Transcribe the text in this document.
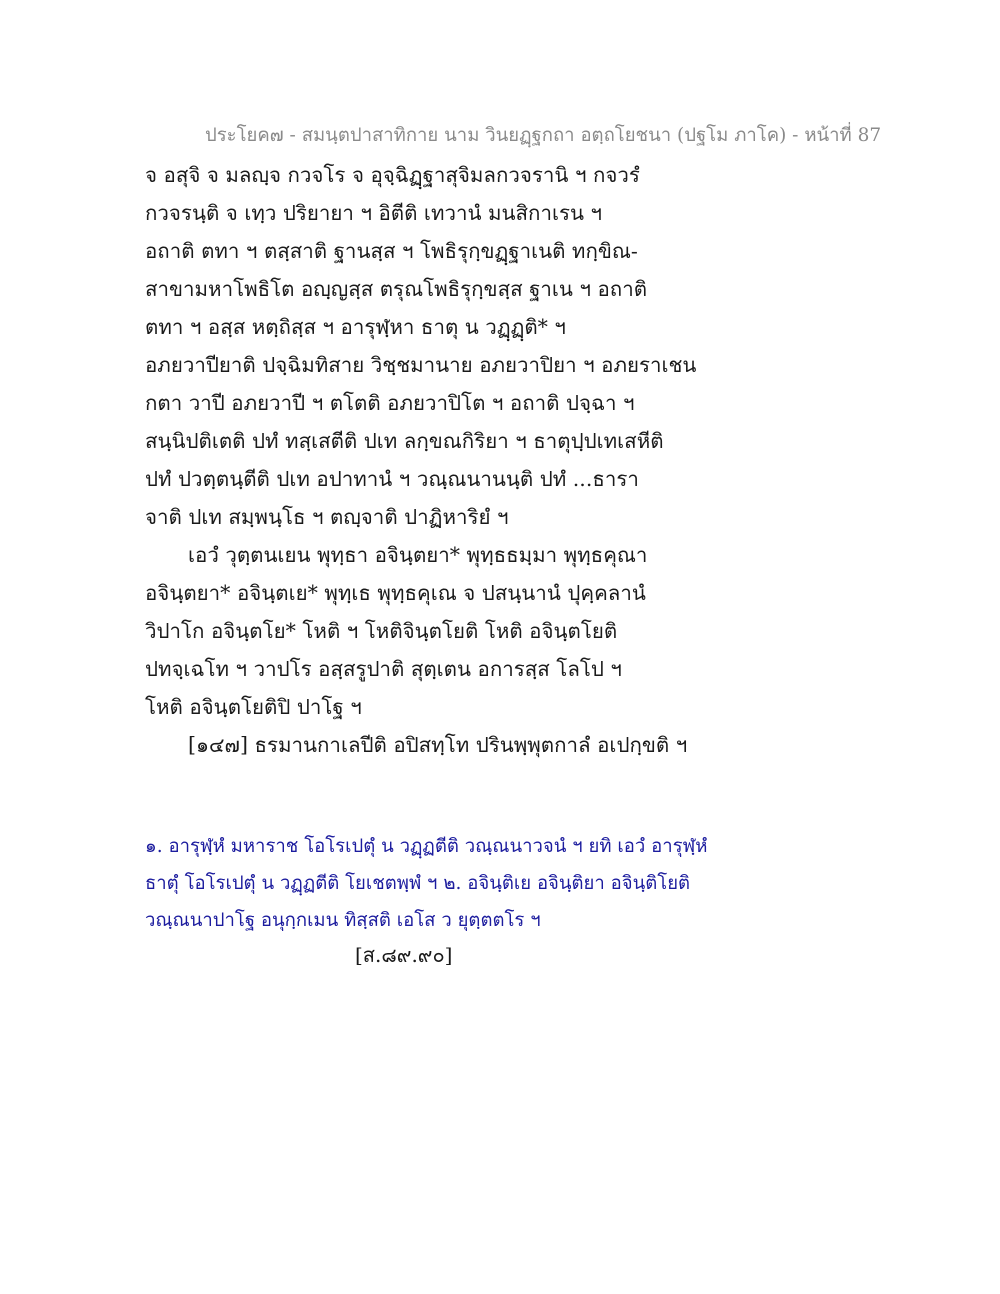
ประโยค๗ - สมนฺตปาสาทิกาย นาม วินยฏฺฐกถา อตฺถโยชนา (ปฐโม ภาโค) - หน้าที่ 87
จ อสุจิ จ มลญฺจ กวจโร จ อุจฺฉิฏฺฐาสุจิมลกวจรานิ ฯ กจวรํ
กวจรนฺติ จ เทฺว ปริยายา ฯ อิตีติ เทวานํ มนสิกาเรน ฯ
อถาติ ตทา ฯ ตสฺสาติ ฐานสฺส ฯ โพธิรุกฺขฏฺฐาเนติ ทกฺขิณ-
สาขามหาโพธิโต อญฺญสฺส ตรุณโพธิรุกฺขสฺส ฐาเน ฯ อถาติ
ตทา ฯ อสฺส หตฺถิสฺส ฯ อารุฬฺหา ธาตุ น วฏฺฏฺติ* ฯ
อภยวาปียาติ ปจฺฉิมทิสาย วิชฺชมานาย อภยวาปิยา ฯ อภยราเชน
กตา วาปี อภยวาปี ฯ ตโตติ อภยวาปิโต ฯ อถาติ ปจฺฉา ฯ
สนฺนิปติเตติ ปทํ ทสฺเสตีติ ปเท ลกฺขณกิริยา ฯ ธาตุปฺปเทเสหีติ
ปทํ ปวตฺตนฺตีติ ปเท อปาทานํ ฯ วณฺณนานนฺติ ปทํ ...ธารา
จาติ ปเท สมฺพนฺโธ ฯ ตญฺจาติ ปาฏิหาริยํ ฯ
เอวํ วุตฺตนเยน พุทฺธา อจินฺตยา* พุทฺธธมฺมา พุทฺธคุณา
อจินฺตยา* อจินฺตเย* พุทฺเธ พุทฺธคุเณ จ ปสนฺนานํ ปุคฺคลานํ
วิปาโก อจินฺตโย* โหติ ฯ โหติจินฺตโยติ โหติ อจินฺตโยติ
ปทจฺเฉโท ฯ วาปโร อสฺสรูปาติ สุตฺเตน อการสฺส โลโป ฯ
โหติ อจินฺตโยติปิ ปาโฐ ฯ
[๑๔๗] ธรมานกาเลปีติ อปิสทฺโท ปรินพฺพุตกาลํ อเปกฺขติ ฯ
๑. อารุฬฺหํ มหาราช โอโรเปตุํ น วฏฺฏตีติ วณฺณนาวจนํ ฯ ยทิ เอวํ อารุฬฺหํ
ธาตุํ โอโรเปตุํ น วฏฺฏตีติ โยเชตพฺพํ ฯ ๒. อจินฺติเย อจินฺติยา อจินฺติโยติ
วณฺณนาปาโฐ อนุกฺกเมน ทิสฺสติ เอโส ว ยุตฺตตโร ฯ
[ส.๘๙.๙๐]
